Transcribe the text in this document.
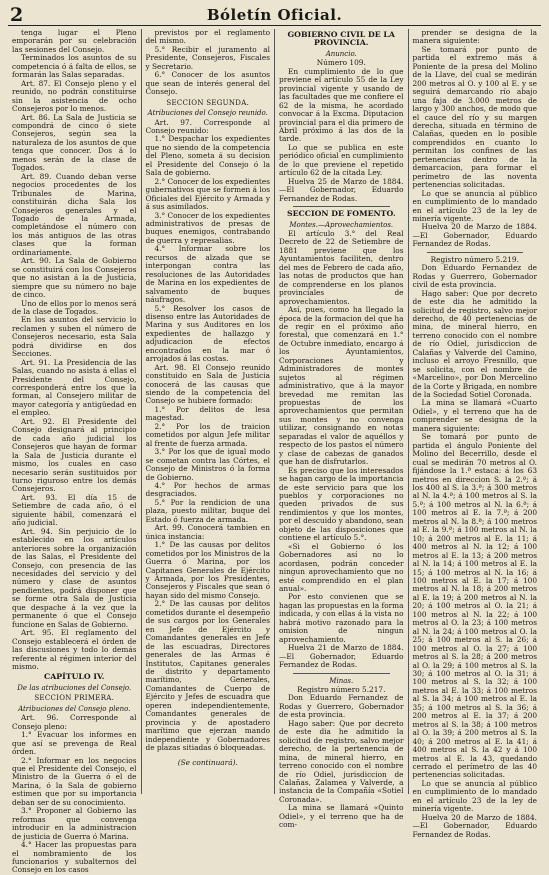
2	Bóletín Oficial.

tenga lugar el Pleno emporarán por su celebración las sesiones del Consejo.

Terminados los asuntos de su competencia ó á falta de ellos, se formarán las Salas separadas.

Art. 87. El Consejo pleno y el reunido, no podrán constituirse sin la asistencia de ocho Consejeros por lo menos.

Art. 86. La Sala de Justicia se compondrá de cinco ó siete Consejeros, según sea la naturaleza de los asuntos de que tenga que conocer. Dos á lo menos serán de la clase de Togados.

Art. 89. Cuando deban verse negocios procedentes de los Tribunales de Marina, constituirán dicha Sala los Consejeros generales y el Togado de la Armada, completándose el número con los más antiguos de las otras clases que la forman ordinariamente.

Art. 90. La Sala de Gobierno se constituirá con los Consejeros que no asistan á la de Justicia, siempre que su número no baje de cinco.

Uno de ellos por lo menos será de la clase de Togados.

En los asuntos del servicio lo reclamen y suben el número de Consejeros necesario, esta Sala podrá dividirse en dos Secciones.

Art. 91. La Presidencia de las Salas, cuando no asista á ellas el Presidente del Consejo, corresponderá entre los que la forman, al Consejero militar de mayor categoría y antigüedad en el empleo.

Art. 92. El Presidente del Consejo designará al principio de cada año judicial los Consejeros que hayan de formar la Sala de Justicia durante el mismo, los cuales en caso necesario serán sustituidos por turno riguroso entre los demás Consejeros.

Art. 93. El día 15 de Setiembre de cada año, ó el siguiente hábil, comenzará el año judicial.

Art. 94. Sin perjuicio de lo establecido en los artículos anteriores sobre la organización de las Salas, el Presidente del Consejo, con presencia de las necesidades del servicio y del número y clase de asuntos pendientes, podrá disponer que se forme otra Sala de Justicia que despache á la vez que la permanente ó que el Consejo funcione en Salas de Gobierno.

Art. 95. El reglamento del Consejo establecerá el órden de las discusiones y todo lo demás referente al régimen interior del mismo.

CAPÍTULO IV.
De las atribuciones del Consejo.
SECCION PRIMERA.
Atribuciones del Consejo pleno.

Art. 96. Corresponde al Consejo pleno:

1.° Evacuar los informes en que así se prevenga de Real órden.

2.° Informar en los negocios que el Presidente del Consejo, el Ministro de la Guerra ó el de Marina, ó la Sala de gobierno estimen que por su importancia deban ser de su conocimiento.

3.° Proponer al Gobierno las reformas que convenga introducir en la administracion de justicia de Guerra ó Marina.

4.° Hacer las propuestas para el nombramiento de los funcionarios y subalternos del Consejo en los casos

previstos por el reglamento del mismo.

5.° Recibir el juramento al Presidente, Consejeros, Fiscales y Secretario.

6.° Conocer de los asuntos que sean de interés general del Consejo.

SECCION SEGUNDA.
Atribuciones del Consejo reunido.

Art. 97. Corresponde al Consejo reunido:

1.° Despachar los expedientes que no siendo de la competencia del Pleno, someta á su decision el Presidente del Consejo ó la Sala de gobierno.

2.° Conocer de los expedientes gubernativos que se formen á los Oficiales del Ejército y Armada y á sus asimilados.

3.° Conocer de los expedientes administrativos de presas de buques enemigos, contrabando de guerra y represalias.

4.° Informar sobre los recursos de alzada que se interpongan contra las resoluciones de las Autoridades de Marina en los expedientes de salvamento de buques náufragos.

5.° Resolver los casos de disenso entre las Autoridades de Marina y sus Auditores en los expedientes de hallazgo y adjudicacion de efectos encontrados en la mar ó arrojados á las costas.

Art. 98. El Consejo reunido constituido en Sala de Justicia conocerá de las causas que siendo de la competencia del Consejo se hubiere formado:

1.° Por delitos de lesa magestad.

2.° Por los de traicion cometidos por algun Jefe militar al frente de fuerza armada.

3.° Por los que de igual modo se cometan contra las Córtes, el Consejo de Ministros ó la forma de Gobierno.

4.° Por hechos de armas desgraciados.

5.° Por la rendicion de una plaza, puesto militar, buque del Estado ó fuerza de armada.

Art. 99. Conocerá tambien en única instancia:

1.° De las causas por delitos cometidos por los Ministros de la Guerra ó Marina, por los Capitanes Generales de Ejército y Armada, por los Presidentes, Consejeros y Fiscales que sean ó hayan sido del mismo Consejo.

2.° De las causas por delitos cometidos durante el desempeño de sus cargos por los Generales en Jefe de Ejército y Comandantes generales en Jefe de las escuadras, Directores generales de las Armas é Institutos, Capitanes generales de distrito y departamento marítimo, Generales, Comandantes de Cuerpo de Ejército y Jefes de escuadra que operen independientemente, Comandantes generales de provincia y de apostadero marítimo que ejerzan mando independiente y Gobernadores de plazas sitiadas ó bloqueadas.

(Se continuará).

GOBIERNO CIVIL DE LA PROVINCIA.
Anuncio.

Número 109.

En cumplimiento de lo que previene el artículo 55 de la Ley provincial vigente y usando de las facultades que me confiere el 62 de la misma, he acordado convocar á la Excma. Diputacion provincial para el dia primero de Abril próximo á las dos de la tarde.

Lo que se publica en este periódico oficial en cumplimiento de lo que previene el repetido artículo 62 de la citada Ley.

Huelva 25 de Marzo de 1884.—El Gobernador, Eduardo Fernandez de Rodas.

SECCION DE FOMENTO.
Montes.—Aprovechamientos.

El artículo 3.° del Real Decreto de 22 de Setiembre de 1881 previene que los Ayuntamientos faciliten, dentro del mes de Febrero de cada año, las notas de productos que han de comprenderse en los planos provinciales de aprovechamientos.

Así, pues, como ha llegado la época de la formacion del que ha de regir en el próximo año forestal, que comenzará en 1.° de Octubre inmediato, encargo á los Ayuntamientos, Corporaciones y Administradores de montes sujetos al régimen administrativo, que á la mayor brevedad me remitan las propuestas de los aprovechamientos que permitan sus montes y no convenga utilizar, consignando en notas separadas el valor de aquéllos y respecto de los pastos el número y clase de cabezas de ganados que han de disfrutarlos.

Es preciso que los interesados se hagan cargo de la importancia de este servicio para que los pueblos y corporaciones no queden privados de sus rendimientos y que los montes, por el descuido y abandono, sean objeto de las disposiciones que contiene el artículo 5.°.

«Si el Gobierno ó los Gobernadores así no lo acordasen, podrán conceder ningun aprovechamiento que no esté comprendido en el plan anual».

Por esto convienen que se hagan las propuestas en la forma indicada, y con ellas á la vista no habrá motivo razonado para la omision de ningun aprovechamiento.

Huelva 21 de Marzo de 1884.—El Gobernador, Eduardo Fernandez de Rodas.

Minas.

Registro número 5.217.

Don Eduardo Fernandez de Rodas y Guerrero, Gobernador de esta provincia.

Hago saber: Que por decreto de este dia he admitido la solicitud de registro, salvo mejor derecho, de la pertenencia de mina, de mineral hierro, en terreno conocido con el nombre de río Odiel, jurisdiccion de Calañas, Zalamea y Valverde, a instancia de la Compañía «Sotiel Coronada».

La mina se llamará «Quinto Odiel», y el terreno que ha de com-

prender se designa de la manera siguiente:

Se tomará por punto de partida el extremo más á Poniente de la presa del Molino de la Llave, del cual se medirán 200 metros al O. y 100 al E. y se seguirá demarcando río abajo una faja de 3.000 metros de largo y 300 anchos, de modo que el cauce del río y su margen derecha, situada en término de Calañas, queden en lo posible comprendidos en cuanto lo permitan los confines de las pertenencias dentro de la demarcacion, para formar el perímetro de las noventa pertenencias solicitadas.

Lo que se anuncia al público en cumplimiento de lo mandado en el artículo 23 de la ley de minería vigente.

Huelva 20 de Marzo de 1884.—El Gobernador, Eduardo Fernandez de Rodas.

Registro número 5.219.

Don Eduardo Fernandez de Rodas y Guerrero, Gobernador civil de esta provincia.

Hago saber: Que por decreto de este dia he admitido la solicitud de registro, salvo mejor derecho, de 40 pertenencias de mina, de mineral hierro, en terreno conocido con el nombre de río Odiel, jurisdiccion de Calañas y Valverde del Camino, incluso el arroyo Fresnillo, que se solicita, con el nombre de «Marcelino», por Don Mercelino de la Corte y Brigada, en nombre de la Sociedad Sotiel Coronada.

La mina se llamará «Cuarto Odiel», y el terreno que ha de comprender se designa de la manera siguiente:

Se tomará por punto de partida el ángulo Poniente del Molino del Becerrillo, desde el cual se medirán 70 metros al O. fijándose la 1.ª estaca: á los 63 metros en direccion S. la 2.ª; á los 400 al S. la 3.ª; á 300 metros al N. la 4.ª; á 100 metros al S. la 5.ª; á 100 metros al N. la 6.ª; á 100 metros al E. la 7.ª; á 200 metros al N. la 8.ª; á 100 metros al E. la 9.ª; á 100 metros al N. la 10; á 200 metros al E. la 11; á 400 metros al N. la 12; á 100 metros al E. la 13; á 200 metros al N. la 14; á 100 metros al E. la 15; á 100 metros al N. la 16; á 100 metros al E. la 17; á 100 metros al N. la 18; á 200 metros al E. la 19; á 200 metros al N. la 20; á 100 metros al O. la 21; á 100 metros al N. la 22; á 100 metros al O. la 23; á 100 metros al N. la 24; á 100 metros al O. la 25; á 100 metros al S. la 26; á 100 metros al O. la 27; á 100 metros al S. la 28; á 200 metros al O. la 29; á 100 metros al S. la 30; á 100 metros al O. la 31; á 100 metros al S. la 32; á 100 metros al E. la 33; á 100 metros al S. la 34; á 100 metros al E. la 35; á 100 metros al S. la 36; á 200 metros al E. la 37; á 200 metros al S. la 38; á 100 metros al O. la 39; á 200 metros al S. la 40; á 200 metros al E. la 41; á 400 metros al S. la 42 y á 100 metros al E. la 43, quedando cerrado el perímetro de las 40 pertenencias solicitadas.

Lo que se anuncia al público en cumplimiento de lo mandado en el artículo 23 de la ley de minería vigente.

Huelva 20 de Marzo de 1884.—El Gobernador, Eduardo Fernandez de Rodas.
